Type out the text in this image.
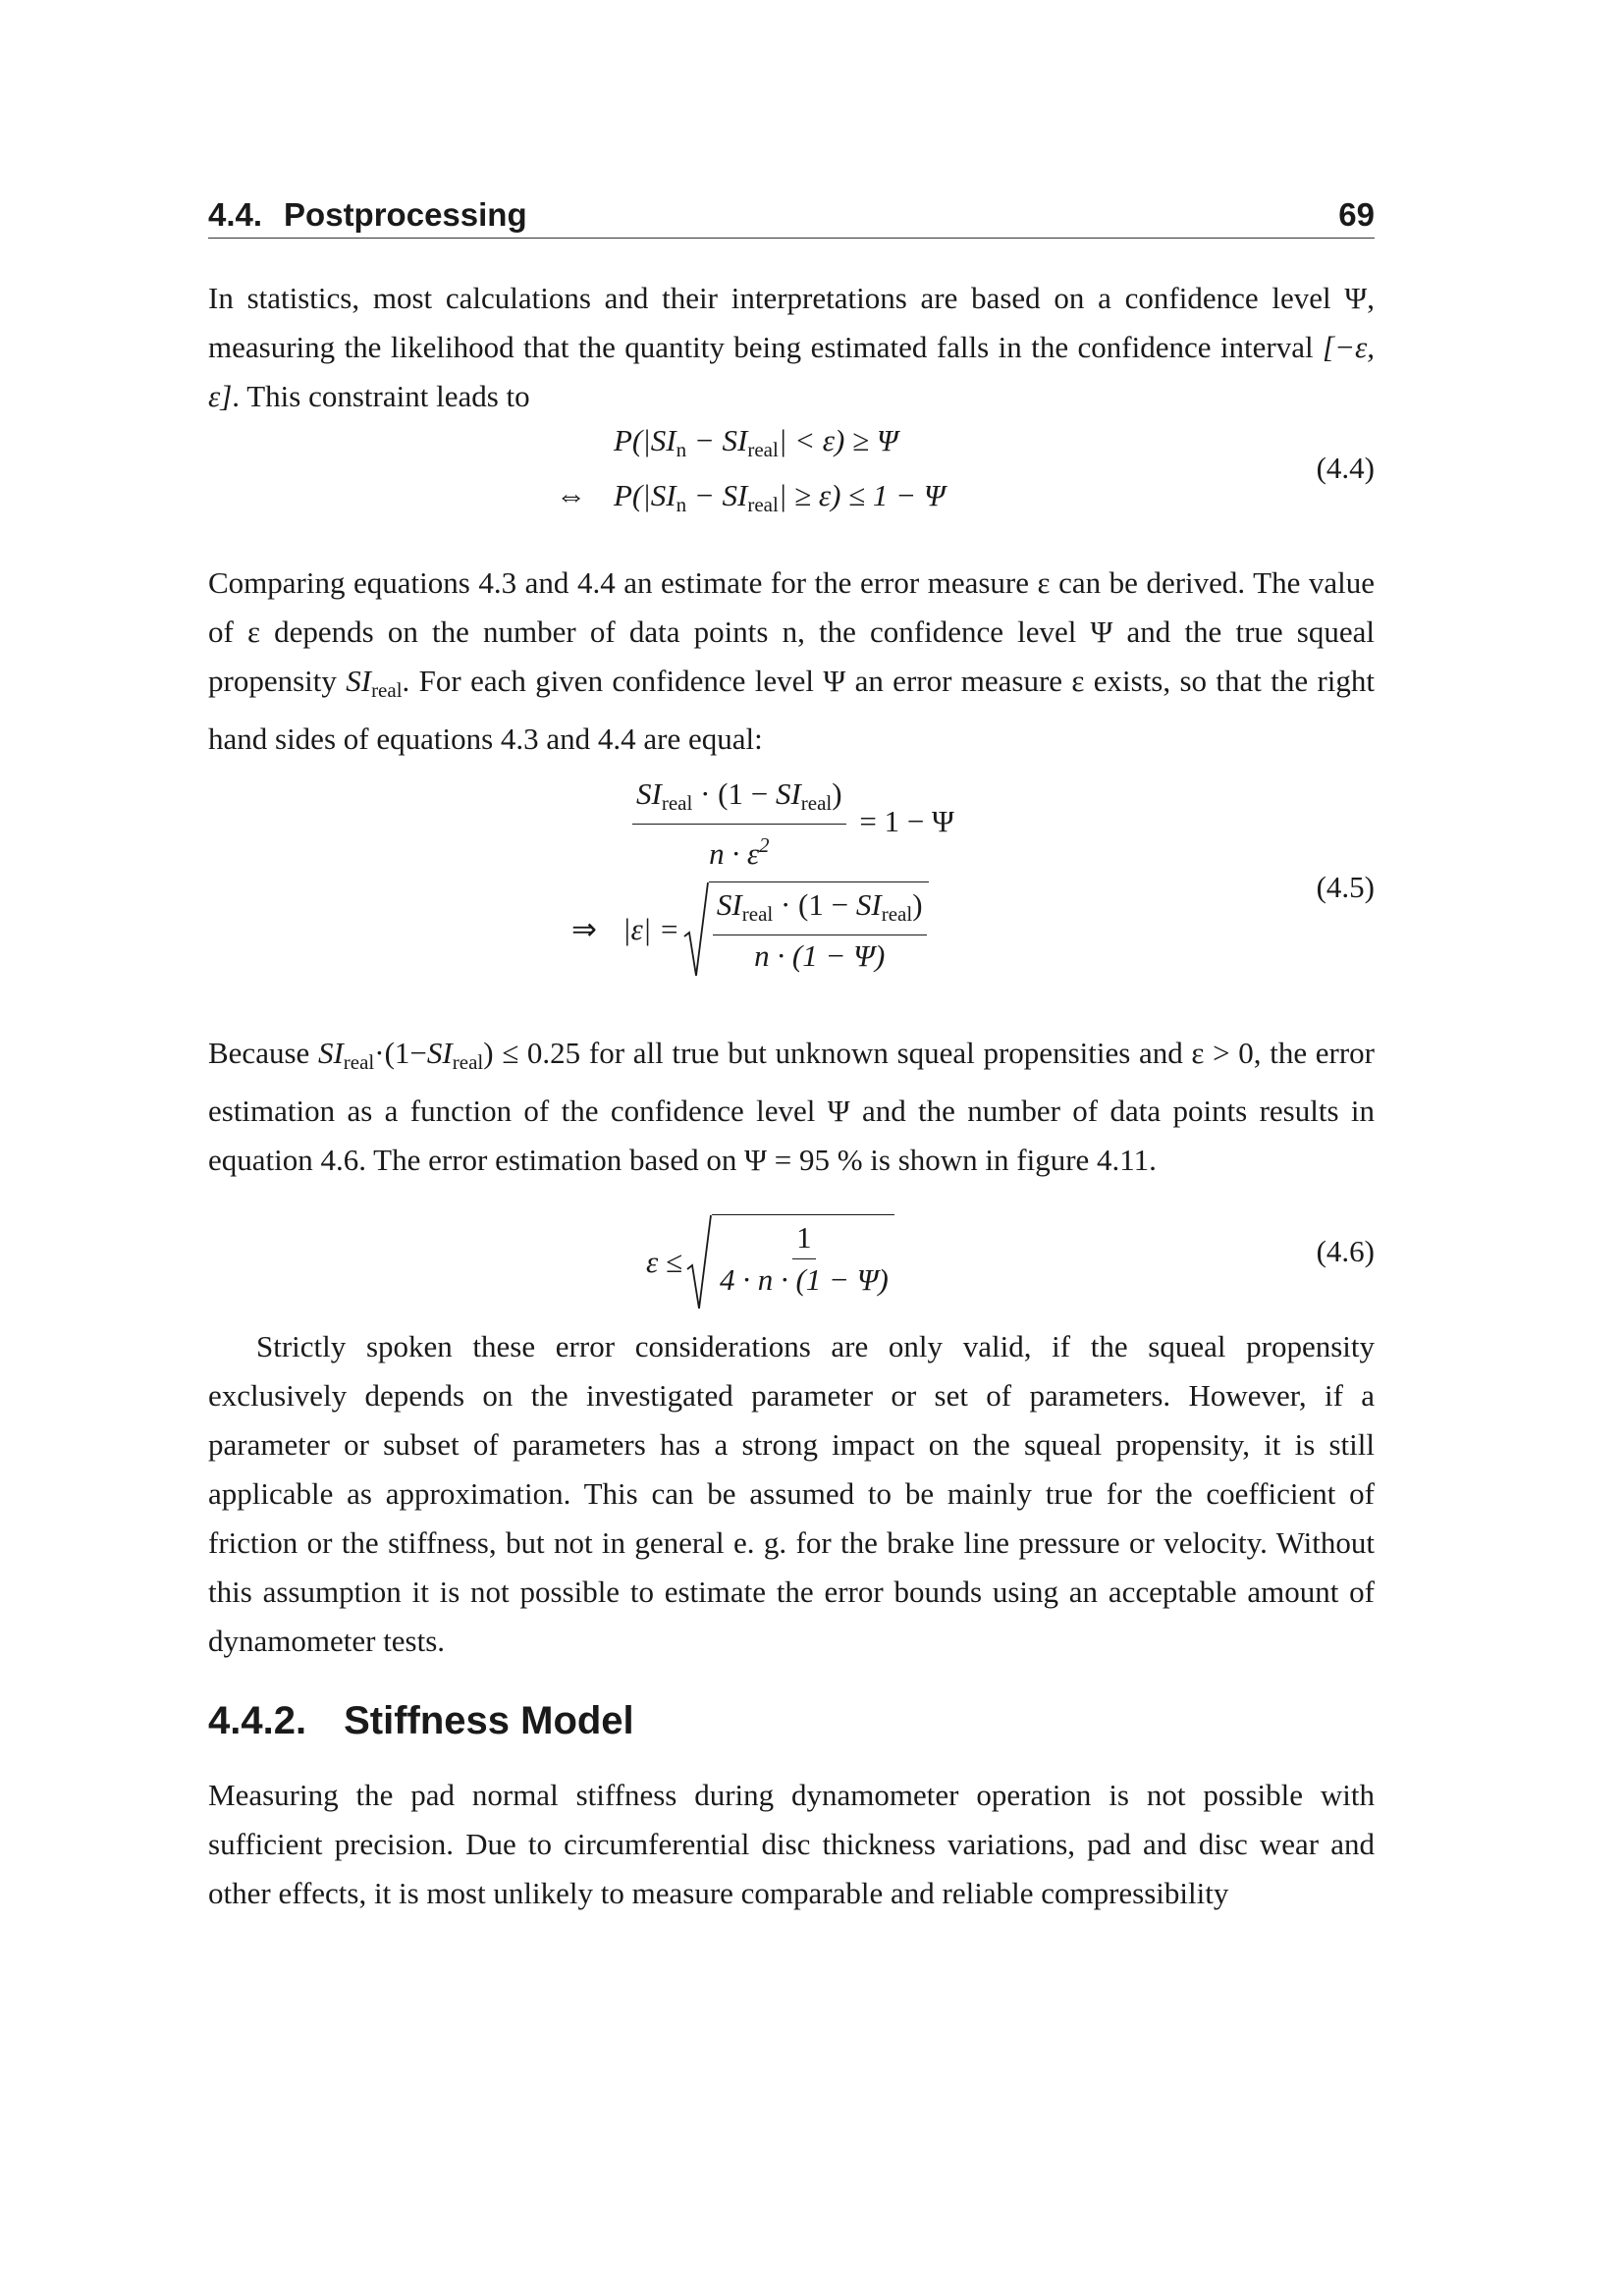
4.4. Postprocessing	69

In statistics, most calculations and their interpretations are based on a confidence level Ψ, measuring the likelihood that the quantity being estimated falls in the confidence interval [−ε, ε]. This constraint leads to

$P(|SI_n - SI_{real}| < \varepsilon) \ge \Psi$
(4.4)
⇔ $P(|SI_n - SI_{real}| \ge \varepsilon) \le 1 - \Psi$

Comparing equations 4.3 and 4.4 an estimate for the error measure ε can be derived. The value of ε depends on the number of data points n, the confidence level Ψ and the true squeal propensity $SI_{real}$. For each given confidence level Ψ an error measure ε exists, so that the right hand sides of equations 4.3 and 4.4 are equal:

$\frac{SI_{real} \cdot (1 - SI_{real})}{n \cdot \varepsilon^2} = 1 - \Psi$
(4.5)
⇒ $|\varepsilon| = \frac{SI_{real} \cdot (1 - SI_{real})}{n \cdot (1 - \Psi)}$

Because $SI_{real}\cdot(1-SI_{real}) \le 0.25$ for all true but unknown squeal propensities and ε > 0, the error estimation as a function of the confidence level Ψ and the number of data points results in equation 4.6. The error estimation based on Ψ = 95 % is shown in figure 4.11.

$\varepsilon \le \frac{1}{4 \cdot n \cdot (1 - \Psi)}$	(4.6)

Strictly spoken these error considerations are only valid, if the squeal propensity exclusively depends on the investigated parameter or set of parameters. However, if a parameter or subset of parameters has a strong impact on the squeal propensity, it is still applicable as approximation. This can be assumed to be mainly true for the coefficient of friction or the stiffness, but not in general e. g. for the brake line pressure or velocity. Without this assumption it is not possible to estimate the error bounds using an acceptable amount of dynamometer tests.

4.4.2. Stiffness Model

Measuring the pad normal stiffness during dynamometer operation is not possible with sufficient precision. Due to circumferential disc thickness variations, pad and disc wear and other effects, it is most unlikely to measure comparable and reliable compressibility
